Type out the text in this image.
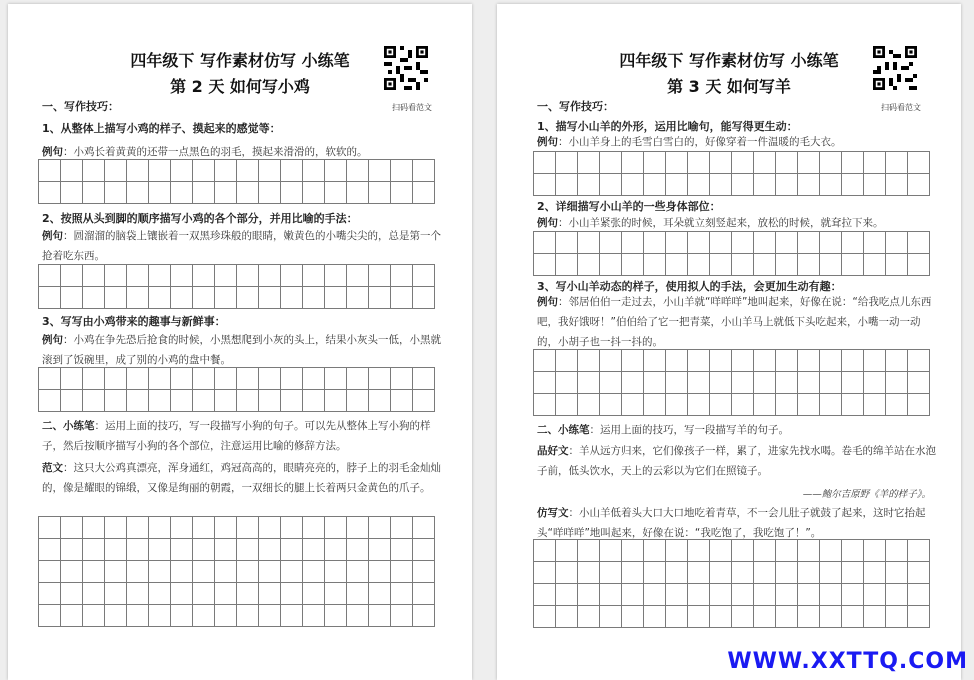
四年级下 写作素材仿写 小练笔
第 2 天 如何写小鸡
扫码看范文
一、写作技巧：
1、从整体上描写小鸡的样子、摸起来的感觉等：
例句：小鸡长着黄黄的还带一点黑色的羽毛，摸起来滑滑的，软软的。
2、按照从头到脚的顺序描写小鸡的各个部分，并用比喻的手法：
例句：圆溜溜的脑袋上镶嵌着一双黑珍珠般的眼睛，嫩黄色的小嘴尖尖的，总是第一个抢着吃东西。
3、写写由小鸡带来的趣事与新鲜事：
例句：小鸡在争先恐后抢食的时候，小黑想爬到小灰的头上，结果小灰头一低，小黑就滚到了饭碗里，成了别的小鸡的盘中餐。
二、小练笔：运用上面的技巧，写一段描写小狗的句子。可以先从整体上写小狗的样子，然后按顺序描写小狗的各个部位，注意运用比喻的修辞方法。
范文：这只大公鸡真漂亮，浑身通红，鸡冠高高的，眼睛亮亮的，脖子上的羽毛金灿灿的，像是耀眼的锦缎，又像是绚丽的朝霞，一双细长的腿上长着两只金黄色的爪子。
四年级下 写作素材仿写 小练笔
第 3 天 如何写羊
扫码看范文
一、写作技巧：
1、描写小山羊的外形，运用比喻句，能写得更生动：
例句：小山羊身上的毛雪白雪白的，好像穿着一件温暖的毛大衣。
2、详细描写小山羊的一些身体部位：
例句：小山羊紧张的时候，耳朵就立刻竖起来，放松的时候，就耷拉下来。
3、写小山羊动态的样子，使用拟人的手法，会更加生动有趣：
例句：邻居伯伯一走过去，小山羊就“咩咩咩”地叫起来，好像在说：“给我吃点儿东西吧，我好饿呀！”伯伯给了它一把青菜，小山羊马上就低下头吃起来，小嘴一动一动的，小胡子也一抖一抖的。
二、小练笔：运用上面的技巧，写一段描写羊的句子。
品好文：羊从远方归来，它们像孩子一样，累了，进家先找水喝。卷毛的绵羊站在水泡子前，低头饮水，天上的云彩以为它们在照镜子。
——鲍尔吉原野《羊的样子》。
仿写文：小山羊低着头大口大口地吃着青草，不一会儿肚子就鼓了起来，这时它抬起头“咩咩咩”地叫起来，好像在说：“我吃饱了，我吃饱了！”。
WWW.XXTTQ.COM
